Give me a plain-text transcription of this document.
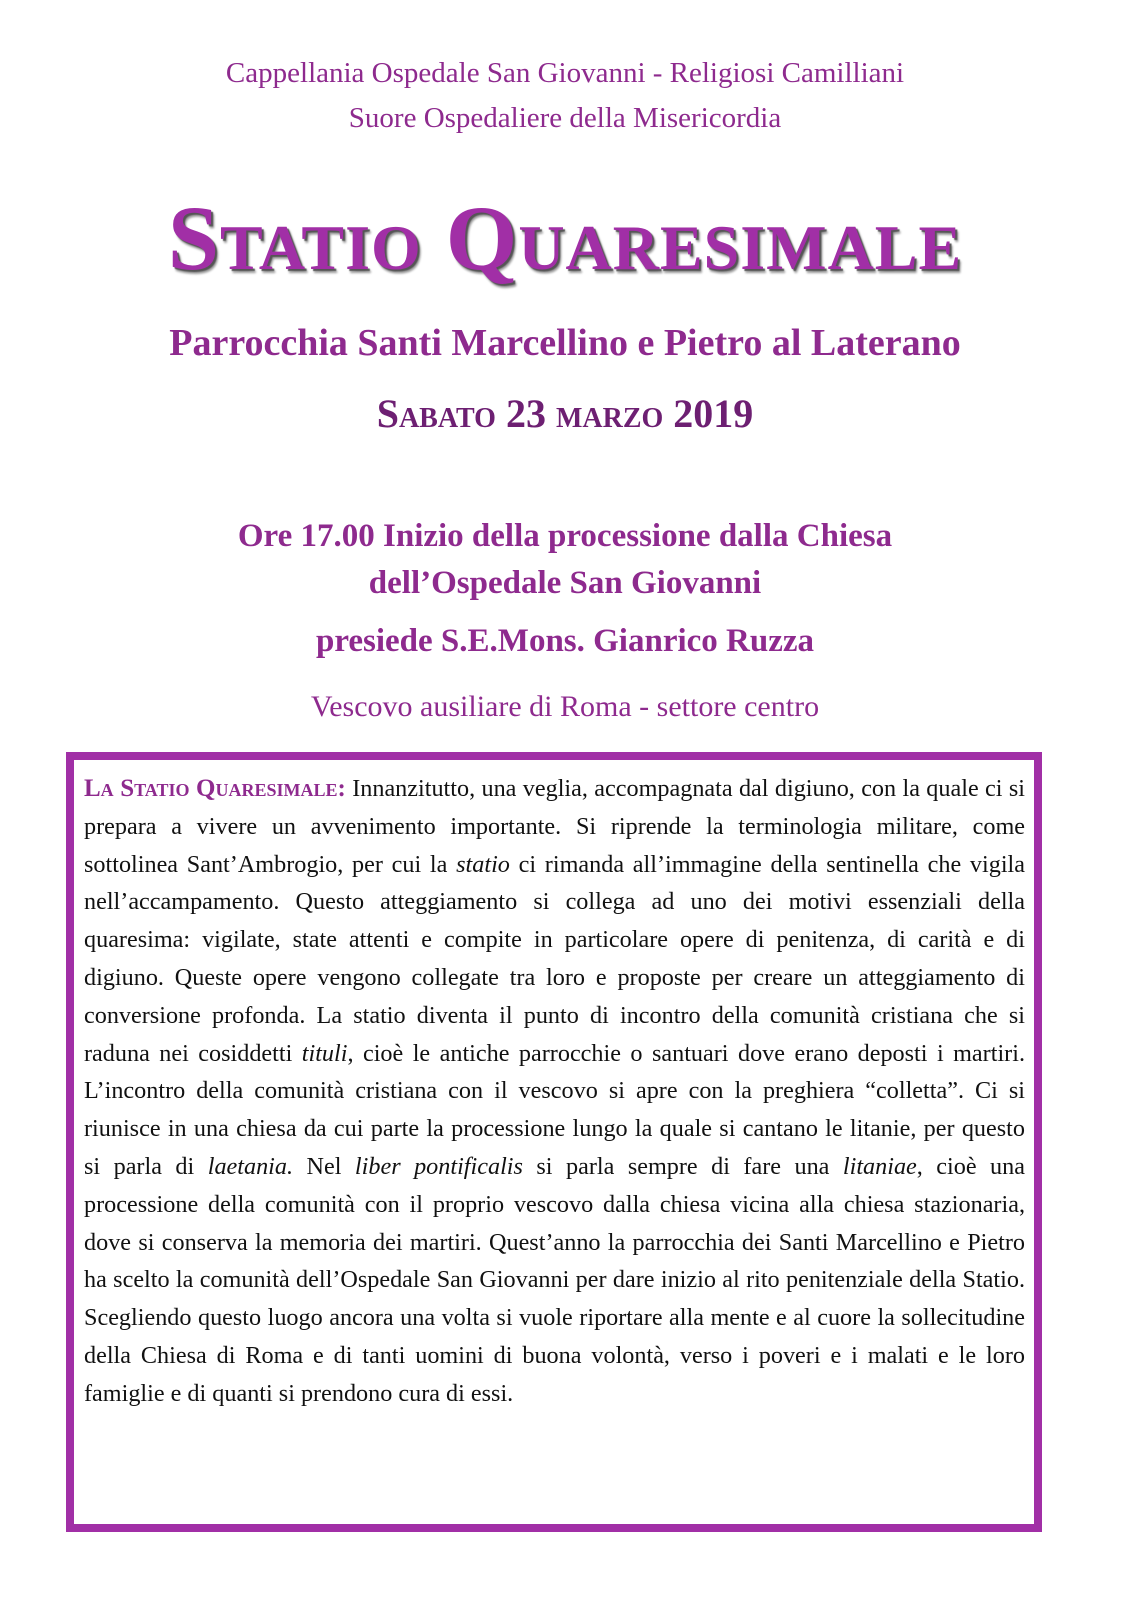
Cappellania Ospedale San Giovanni - Religiosi Camilliani
Suore Ospedaliere della Misericordia
Statio Quaresimale
Parrocchia Santi Marcellino e Pietro al Laterano
Sabato 23 marzo 2019
Ore 17.00 Inizio della processione dalla Chiesa
dell’Ospedale San Giovanni
presiede S.E.Mons. Gianrico Ruzza
Vescovo ausiliare di Roma - settore centro

La Statio Quaresimale: Innanzitutto, una veglia, accompagnata dal digiuno, con la quale ci si prepara a vivere un avvenimento importante. Si riprende la terminologia militare, come sottolinea Sant’Ambrogio, per cui la statio ci rimanda all’immagine della sentinella che vigila nell’accampamento. Questo atteggiamento si collega ad uno dei motivi essenziali della quaresima: vigilate, state attenti e compite in particolare opere di penitenza, di carità e di digiuno. Queste opere vengono collegate tra loro e proposte per creare un atteggiamento di conversione profonda. La statio diventa il punto di incontro della comunità cristiana che si raduna nei cosiddetti tituli, cioè le antiche parrocchie o santuari dove erano deposti i martiri. L’incontro della comunità cristiana con il vescovo si apre con la preghiera “colletta”. Ci si riunisce in una chiesa da cui parte la processione lungo la quale si cantano le litanie, per questo si parla di laetania. Nel liber pontificalis si parla sempre di fare una litaniae, cioè una processione della comunità con il proprio vescovo dalla chiesa vicina alla chiesa stazionaria, dove si conserva la memoria dei martiri. Quest’anno la parrocchia dei Santi Marcellino e Pietro ha scelto la comunità dell’Ospedale San Giovanni per dare inizio al rito penitenziale della Statio. Scegliendo questo luogo ancora una volta si vuole riportare alla mente e al cuore la sollecitudine della Chiesa di Roma e di tanti uomini di buona volontà, verso i poveri e i malati e le loro famiglie e di quanti si prendono cura di essi.
